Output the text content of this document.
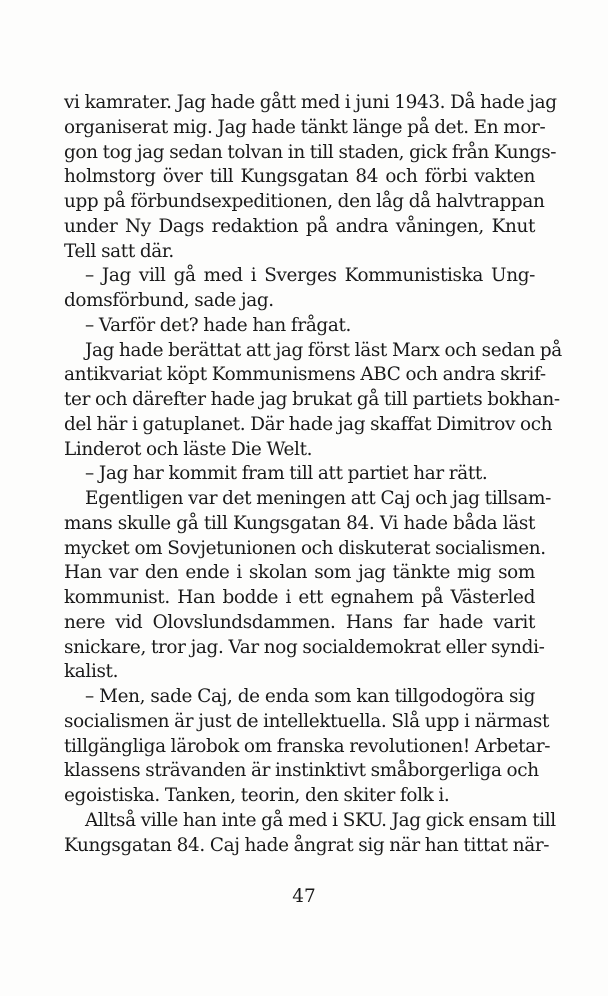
vi kamrater. Jag hade gått med i juni 1943. Då hade jag
organiserat mig. Jag hade tänkt länge på det. En mor-
gon tog jag sedan tolvan in till staden, gick från Kungs-
holmstorg över till Kungsgatan 84 och förbi vakten
upp på förbundsexpeditionen, den låg då halvtrappan
under Ny Dags redaktion på andra våningen, Knut
Tell satt där.
– Jag vill gå med i Sverges Kommunistiska Ung-
domsförbund, sade jag.
– Varför det? hade han frågat.
Jag hade berättat att jag först läst Marx och sedan på
antikvariat köpt Kommunismens ABC och andra skrif-
ter och därefter hade jag brukat gå till partiets bokhan-
del här i gatuplanet. Där hade jag skaffat Dimitrov och
Linderot och läste Die Welt.
– Jag har kommit fram till att partiet har rätt.
Egentligen var det meningen att Caj och jag tillsam-
mans skulle gå till Kungsgatan 84. Vi hade båda läst
mycket om Sovjetunionen och diskuterat socialismen.
Han var den ende i skolan som jag tänkte mig som
kommunist. Han bodde i ett egnahem på Västerled
nere vid Olovslundsdammen. Hans far hade varit
snickare, tror jag. Var nog socialdemokrat eller syndi-
kalist.
– Men, sade Caj, de enda som kan tillgodogöra sig
socialismen är just de intellektuella. Slå upp i närmast
tillgängliga lärobok om franska revolutionen! Arbetar-
klassens strävanden är instinktivt småborgerliga och
egoistiska. Tanken, teorin, den skiter folk i.
Alltså ville han inte gå med i SKU. Jag gick ensam till
Kungsgatan 84. Caj hade ångrat sig när han tittat när-
47
